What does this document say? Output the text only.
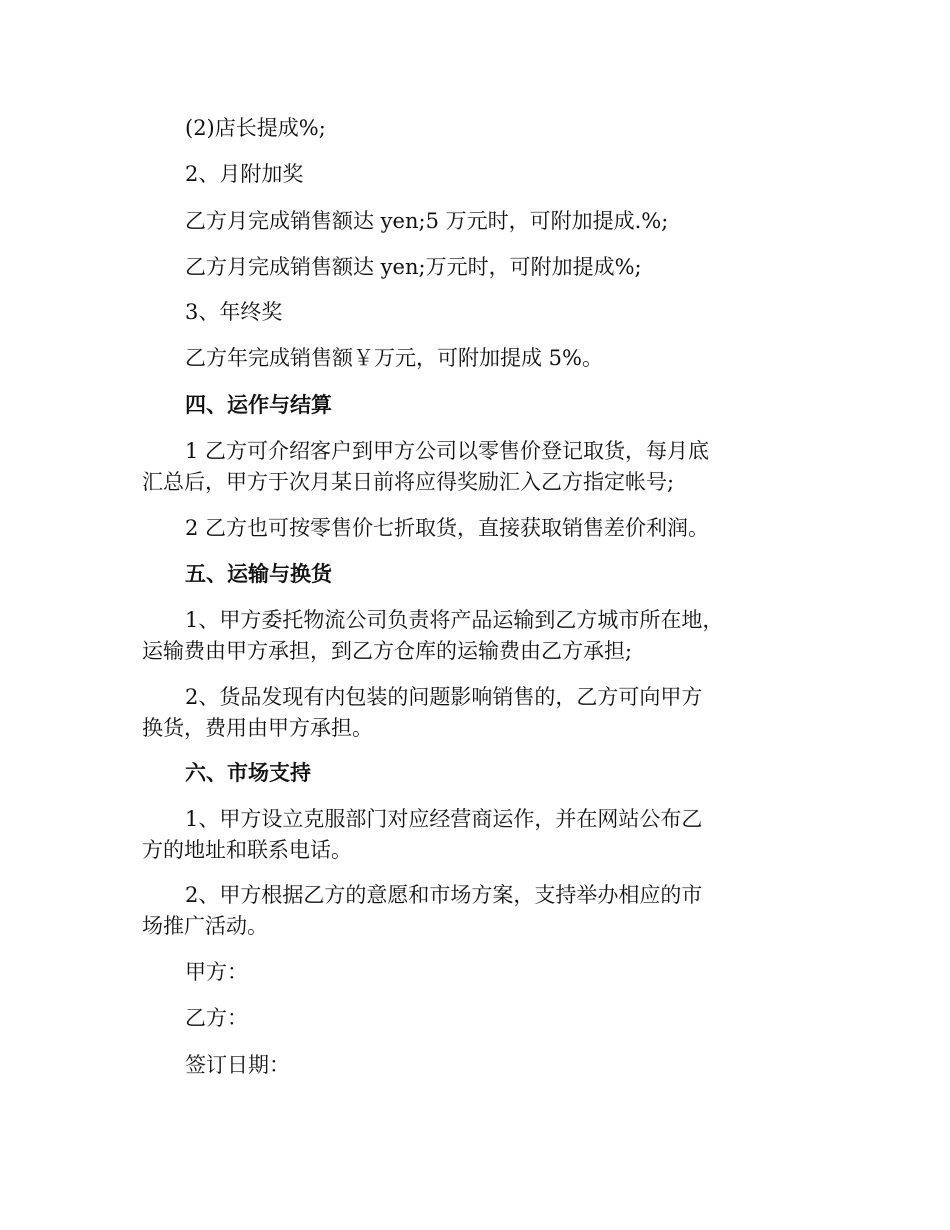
(2)店长提成%;

2、月附加奖

乙方月完成销售额达 yen;5 万元时，可附加提成.%;

乙方月完成销售额达 yen;万元时，可附加提成%;

3、年终奖

乙方年完成销售额￥万元，可附加提成 5%。

四、运作与结算

1 乙方可介绍客户到甲方公司以零售价登记取货，每月底

汇总后，甲方于次月某日前将应得奖励汇入乙方指定帐号;

2 乙方也可按零售价七折取货，直接获取销售差价利润。

五、运输与换货

1、甲方委托物流公司负责将产品运输到乙方城市所在地，

运输费由甲方承担，到乙方仓库的运输费由乙方承担;

2、货品发现有内包装的问题影响销售的，乙方可向甲方

换货，费用由甲方承担。

六、市场支持

1、甲方设立克服部门对应经营商运作，并在网站公布乙

方的地址和联系电话。

2、甲方根据乙方的意愿和市场方案，支持举办相应的市

场推广活动。

甲方：

乙方：

签订日期：
